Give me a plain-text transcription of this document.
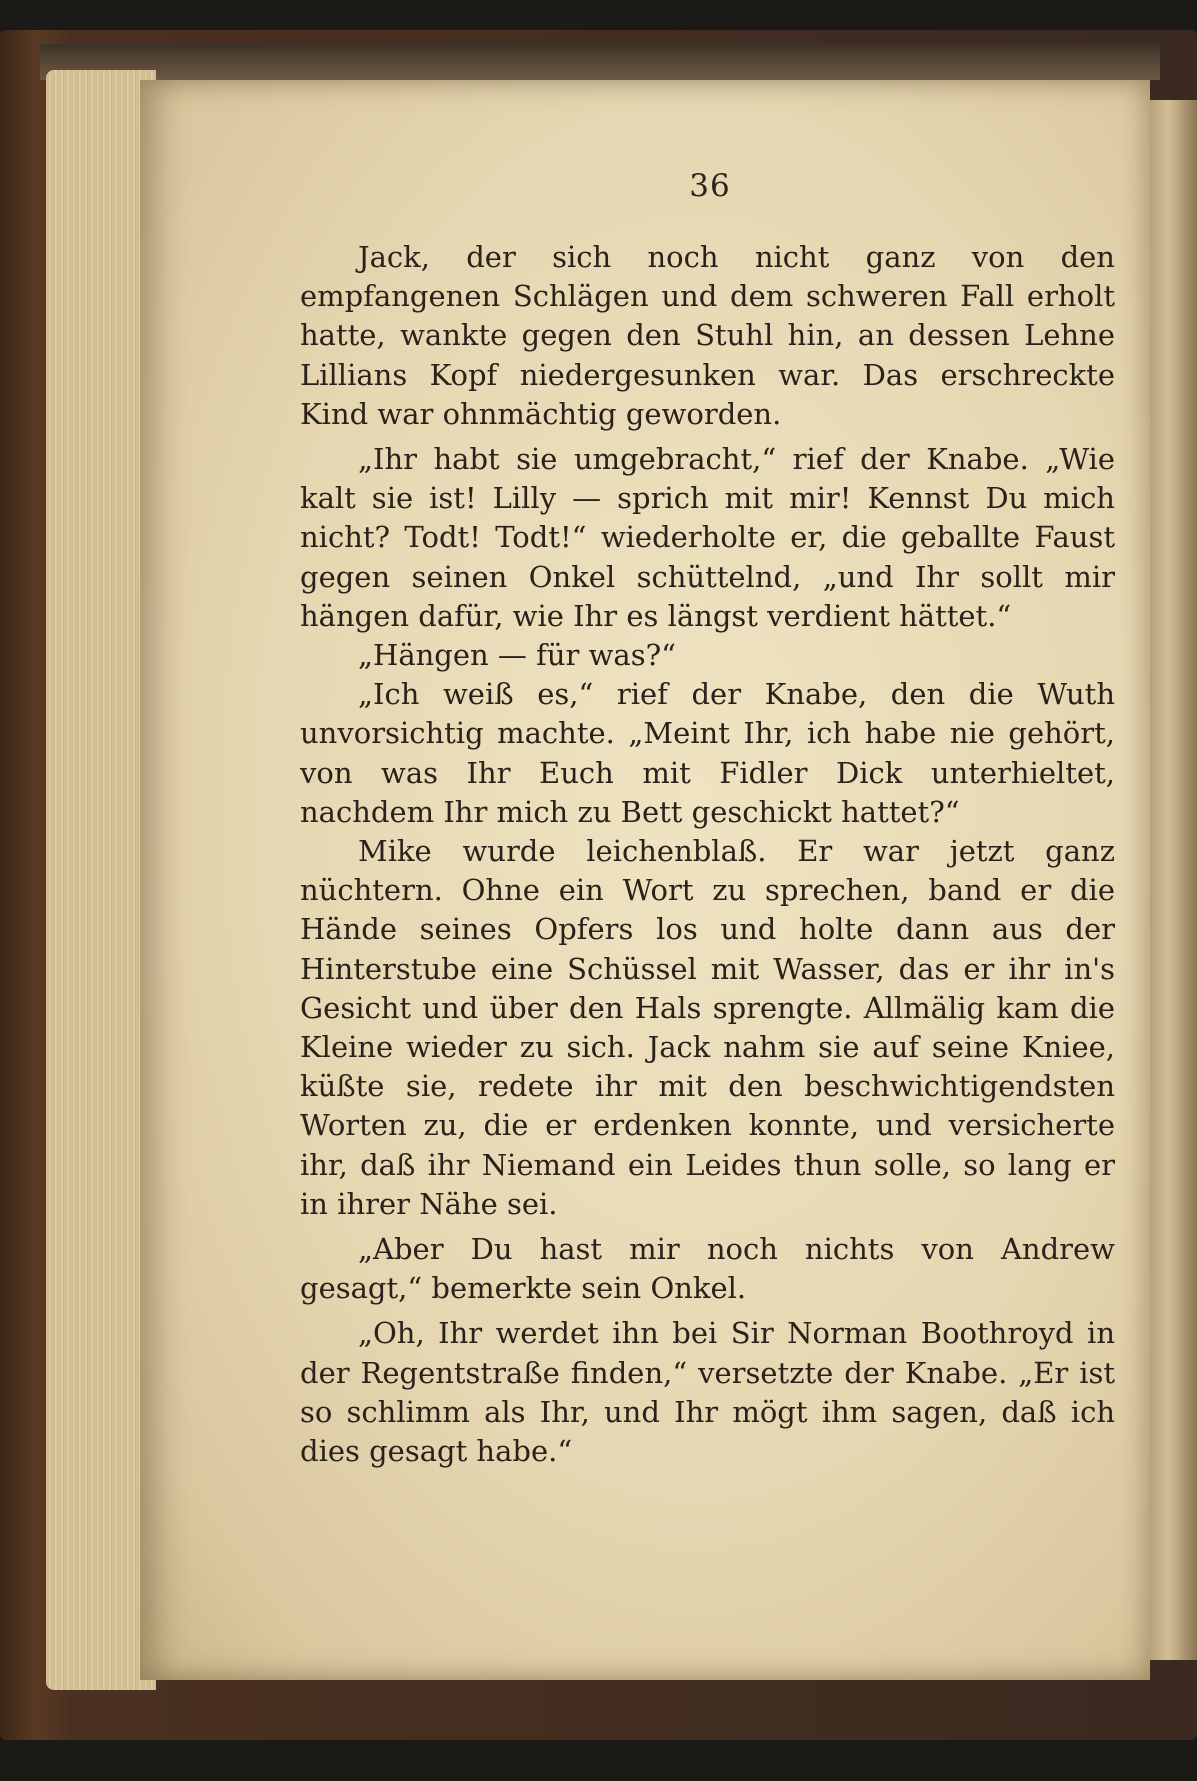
36

Jack, der sich noch nicht ganz von den empfangenen Schlägen und dem schweren Fall erholt hatte, wankte gegen den Stuhl hin, an dessen Lehne Lillians Kopf niedergesunken war. Das erschreckte Kind war ohnmächtig geworden.

„Ihr habt sie umgebracht,“ rief der Knabe. „Wie kalt sie ist! Lilly — sprich mit mir! Kennst Du mich nicht? Todt! Todt!“ wiederholte er, die geballte Faust gegen seinen Onkel schüttelnd, „und Ihr sollt mir hängen dafür, wie Ihr es längst verdient hättet.“

„Hängen — für was?“

„Ich weiß es,“ rief der Knabe, den die Wuth unvorsichtig machte. „Meint Ihr, ich habe nie gehört, von was Ihr Euch mit Fidler Dick unterhieltet, nachdem Ihr mich zu Bett geschickt hattet?“

Mike wurde leichenblaß. Er war jetzt ganz nüchtern. Ohne ein Wort zu sprechen, band er die Hände seines Opfers los und holte dann aus der Hinterstube eine Schüssel mit Wasser, das er ihr in's Gesicht und über den Hals sprengte. Allmälig kam die Kleine wieder zu sich. Jack nahm sie auf seine Kniee, küßte sie, redete ihr mit den beschwichtigendsten Worten zu, die er erdenken konnte, und versicherte ihr, daß ihr Niemand ein Leides thun solle, so lang er in ihrer Nähe sei.

„Aber Du hast mir noch nichts von Andrew gesagt,“ bemerkte sein Onkel.

„Oh, Ihr werdet ihn bei Sir Norman Boothroyd in der Regentstraße finden,“ versetzte der Knabe. „Er ist so schlimm als Ihr, und Ihr mögt ihm sagen, daß ich dies gesagt habe.“
